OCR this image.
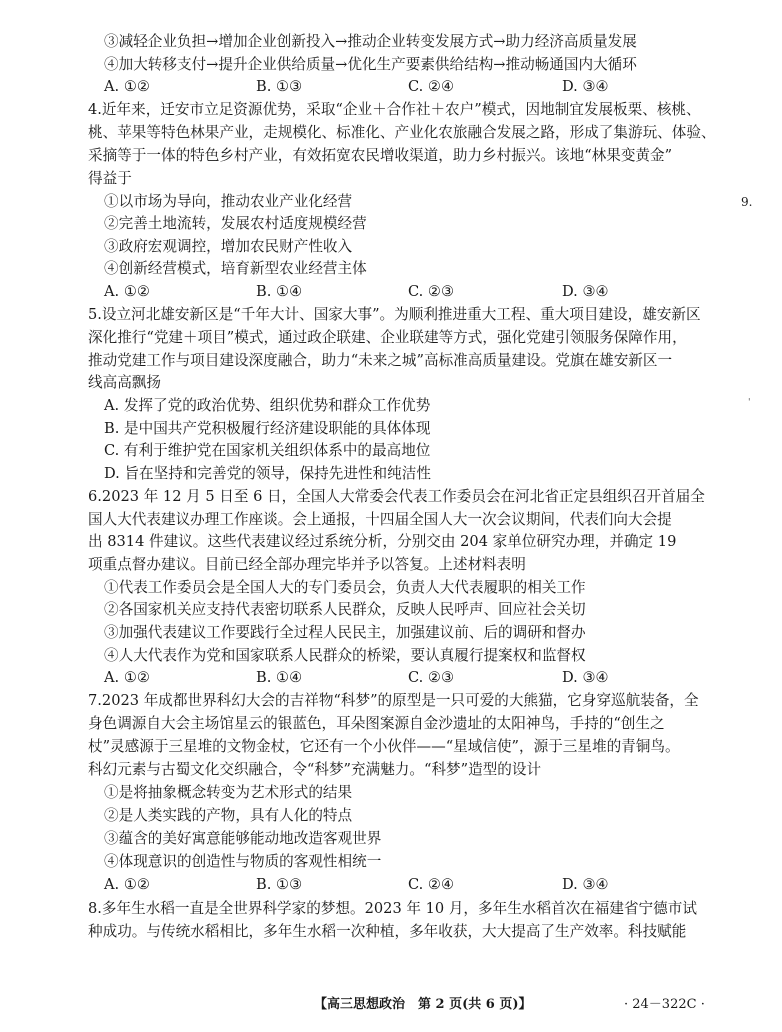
③减轻企业负担→增加企业创新投入→推动企业转变发展方式→助力经济高质量发展
④加大转移支付→提升企业供给质量→优化生产要素供给结构→推动畅通国内大循环
A. ①②	B. ①③	C. ②④	D. ③④
4.近年来，迁安市立足资源优势，采取“企业＋合作社＋农户”模式，因地制宜发展板栗、核桃、
桃、苹果等特色林果产业，走规模化、标准化、产业化农旅融合发展之路，形成了集游玩、体验、
采摘等于一体的特色乡村产业，有效拓宽农民增收渠道，助力乡村振兴。该地“林果变黄金”
得益于
①以市场为导向，推动农业产业化经营
②完善土地流转，发展农村适度规模经营
③政府宏观调控，增加农民财产性收入
④创新经营模式，培育新型农业经营主体
A. ①②	B. ①④	C. ②③	D. ③④
5.设立河北雄安新区是“千年大计、国家大事”。为顺利推进重大工程、重大项目建设，雄安新区
深化推行“党建＋项目”模式，通过政企联建、企业联建等方式，强化党建引领服务保障作用，
推动党建工作与项目建设深度融合，助力“未来之城”高标准高质量建设。党旗在雄安新区一
线高高飘扬
A. 发挥了党的政治优势、组织优势和群众工作优势
B. 是中国共产党积极履行经济建设职能的具体体现
C. 有利于维护党在国家机关组织体系中的最高地位
D. 旨在坚持和完善党的领导，保持先进性和纯洁性
6.2023 年 12 月 5 日至 6 日，全国人大常委会代表工作委员会在河北省正定县组织召开首届全
国人大代表建议办理工作座谈。会上通报，十四届全国人大一次会议期间，代表们向大会提
出 8314 件建议。这些代表建议经过系统分析，分别交由 204 家单位研究办理，并确定 19
项重点督办建议。目前已经全部办理完毕并予以答复。上述材料表明
①代表工作委员会是全国人大的专门委员会，负责人大代表履职的相关工作
②各国家机关应支持代表密切联系人民群众，反映人民呼声、回应社会关切
③加强代表建议工作要践行全过程人民民主，加强建议前、后的调研和督办
④人大代表作为党和国家联系人民群众的桥梁，要认真履行提案权和监督权
A. ①②	B. ①④	C. ②③	D. ③④
7.2023 年成都世界科幻大会的吉祥物“科梦”的原型是一只可爱的大熊猫，它身穿巡航装备，全
身色调源自大会主场馆星云的银蓝色，耳朵图案源自金沙遗址的太阳神鸟，手持的“创生之
杖”灵感源于三星堆的文物金杖，它还有一个小伙伴——“星域信使”，源于三星堆的青铜鸟。
科幻元素与古蜀文化交织融合，令“科梦”充满魅力。“科梦”造型的设计
①是将抽象概念转变为艺术形式的结果
②是人类实践的产物，具有人化的特点
③蕴含的美好寓意能够能动地改造客观世界
④体现意识的创造性与物质的客观性相统一
A. ①②	B. ①③	C. ②④	D. ③④
8.多年生水稻一直是全世界科学家的梦想。2023 年 10 月，多年生水稻首次在福建省宁德市试
种成功。与传统水稻相比，多年生水稻一次种植，多年收获，大大提高了生产效率。科技赋能
9.
'
【高三思想政治　第 2 页(共 6 页)】	· 24－322C ·
